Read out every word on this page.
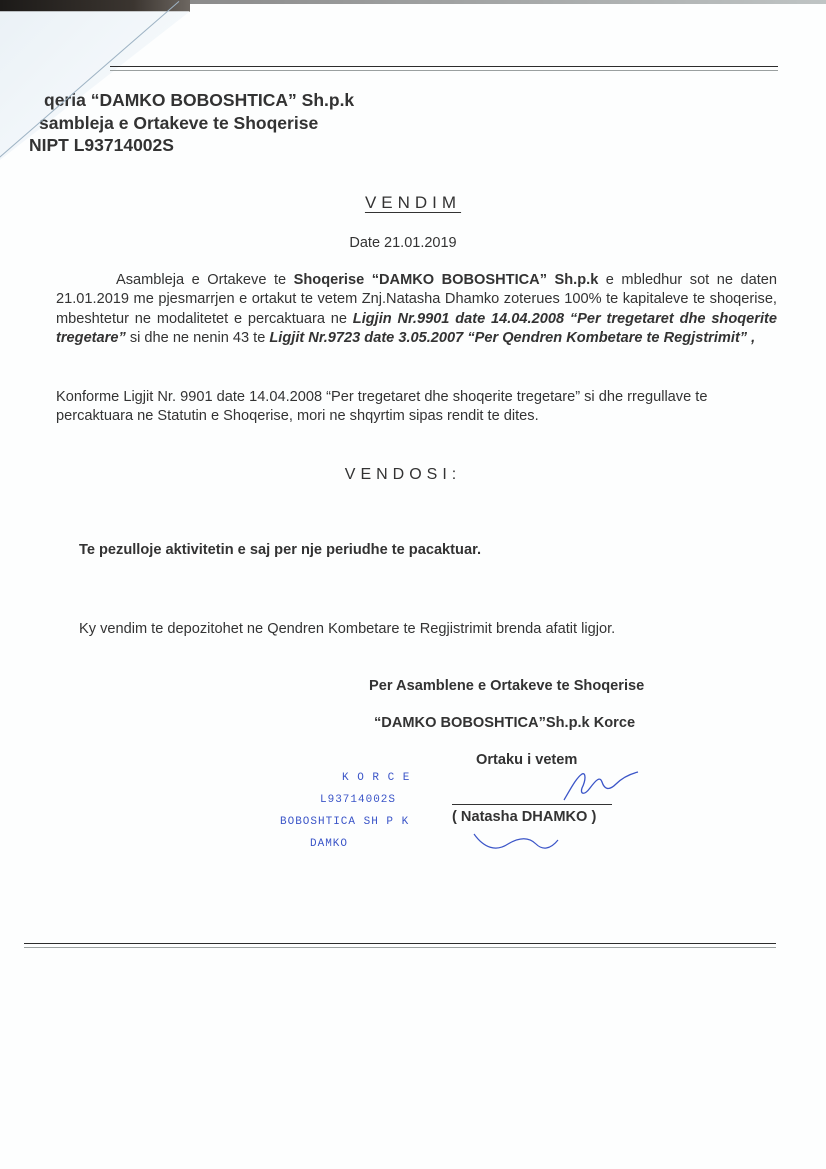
qeria “DAMKO BOBOSHTICA” Sh.p.k
sambleja e Ortakeve te Shoqerise
NIPT L93714002S
VENDIM
Date 21.01.2019
Asambleja e Ortakeve te Shoqerise “DAMKO BOBOSHTICA” Sh.p.k e mbledhur sot ne daten 21.01.2019 me pjesmarrjen e ortakut te vetem Znj.Natasha Dhamko zoterues 100% te kapitaleve te shoqerise, mbeshtetur ne modalitetet e percaktuara ne Ligjin Nr.9901 date 14.04.2008 “Per tregetaret dhe shoqerite tregetare” si dhe ne nenin 43 te Ligjit Nr.9723 date 3.05.2007 “Per Qendren Kombetare te Regjstrimit” ,
Konforme Ligjit Nr. 9901 date 14.04.2008 “Per tregetaret dhe shoqerite tregetare” si dhe rregullave te percaktuara ne Statutin e Shoqerise, mori ne shqyrtim sipas rendit te dites.
VENDOSI:
Te pezulloje aktivitetin e saj per nje periudhe te pacaktuar.
Ky vendim te depozitohet ne Qendren Kombetare te Regjistrimit brenda afatit ligjor.
Per Asamblene e Ortakeve te Shoqerise
“DAMKO BOBOSHTICA”Sh.p.k Korce
Ortaku i vetem
( Natasha DHAMKO )
K O R C E
L93714002S
BOBOSHTICA SH P K
DAMKO
